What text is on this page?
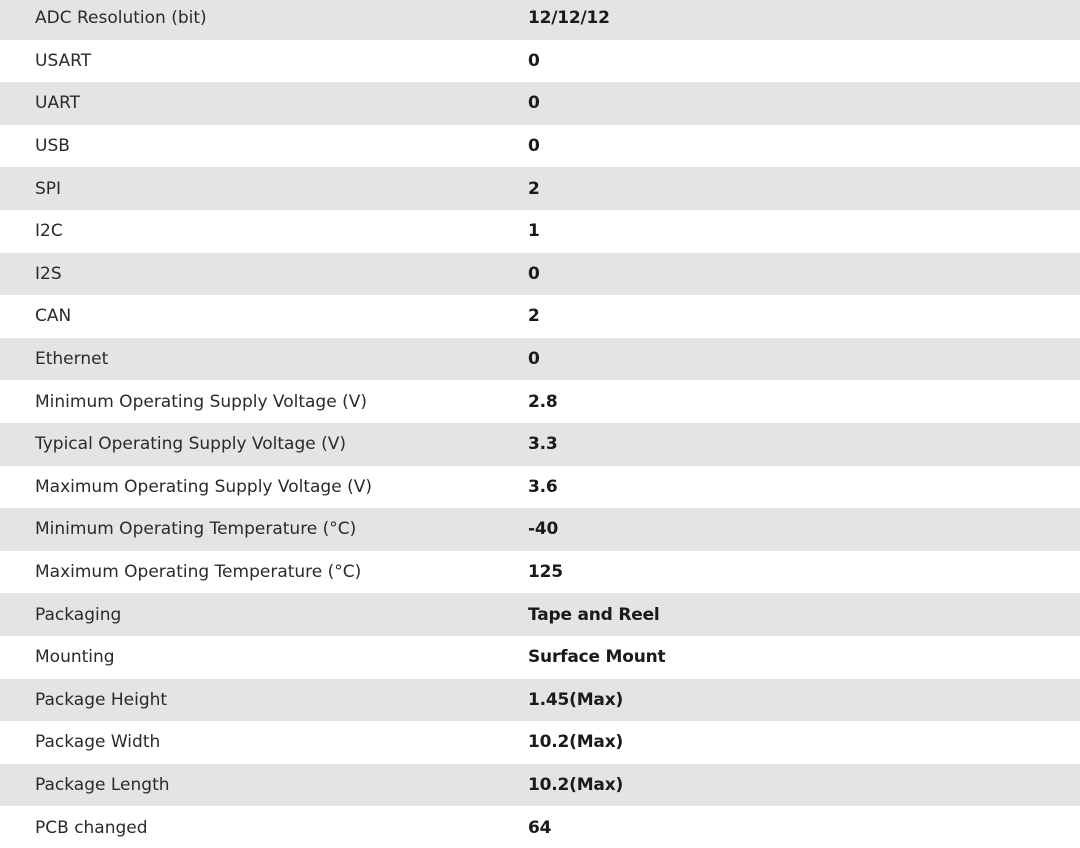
ADC Resolution (bit)	12/12/12
USART	0
UART	0
USB	0
SPI	2
I2C	1
I2S	0
CAN	2
Ethernet	0
Minimum Operating Supply Voltage (V)	2.8
Typical Operating Supply Voltage (V)	3.3
Maximum Operating Supply Voltage (V)	3.6
Minimum Operating Temperature (°C)	-40
Maximum Operating Temperature (°C)	125
Packaging	Tape and Reel
Mounting	Surface Mount
Package Height	1.45(Max)
Package Width	10.2(Max)
Package Length	10.2(Max)
PCB changed	64
